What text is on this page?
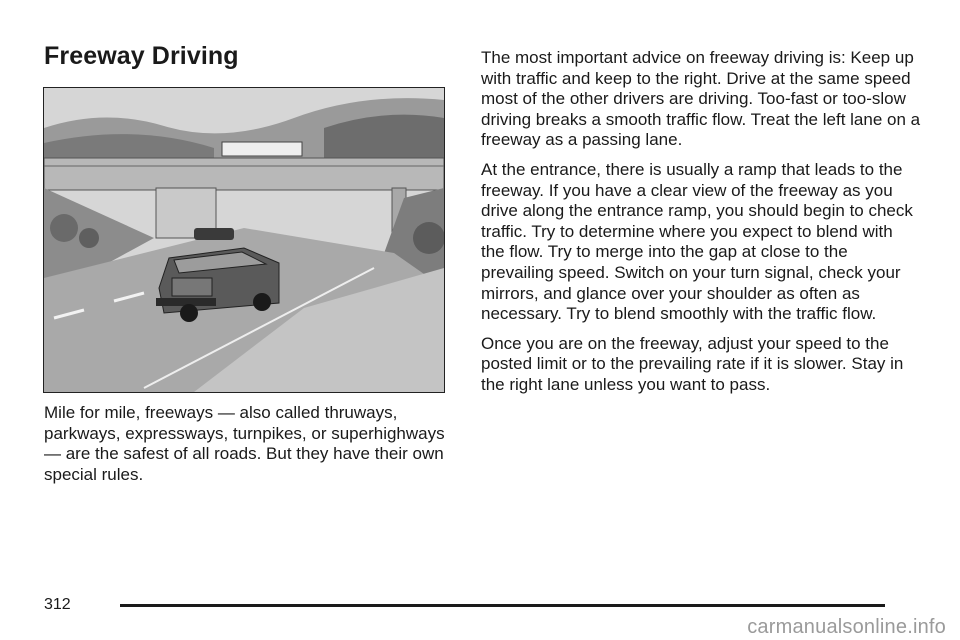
Freeway Driving

Mile for mile, freeways — also called thruways, parkways, expressways, turnpikes, or superhighways — are the safest of all roads. But they have their own special rules.

The most important advice on freeway driving is: Keep up with traffic and keep to the right. Drive at the same speed most of the other drivers are driving. Too-fast or too-slow driving breaks a smooth traffic flow. Treat the left lane on a freeway as a passing lane.

At the entrance, there is usually a ramp that leads to the freeway. If you have a clear view of the freeway as you drive along the entrance ramp, you should begin to check traffic. Try to determine where you expect to blend with the flow. Try to merge into the gap at close to the prevailing speed. Switch on your turn signal, check your mirrors, and glance over your shoulder as often as necessary. Try to blend smoothly with the traffic flow.

Once you are on the freeway, adjust your speed to the posted limit or to the prevailing rate if it is slower. Stay in the right lane unless you want to pass.

312
carmanualsonline.info
